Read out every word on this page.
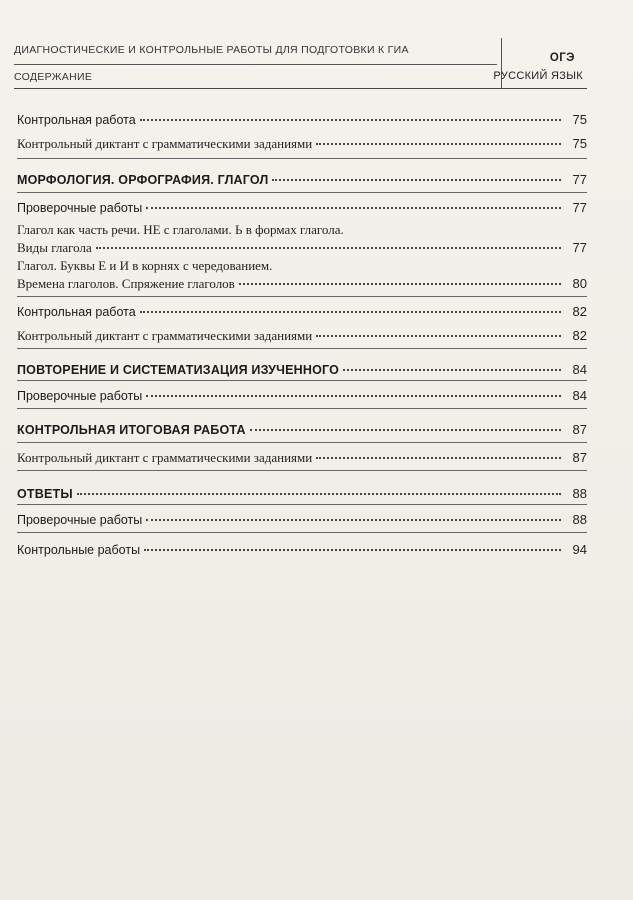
ДИАГНОСТИЧЕСКИЕ И КОНТРОЛЬНЫЕ РАБОТЫ ДЛЯ ПОДГОТОВКИ К ГИА
СОДЕРЖАНИЕ
ОГЭ
РУССКИЙ ЯЗЫК
Контрольная работа	75
Контрольный диктант с грамматическими заданиями	75
МОРФОЛОГИЯ. ОРФОГРАФИЯ. ГЛАГОЛ	77
Проверочные работы	77
Глагол как часть речи. НЕ с глаголами. Ь в формах глагола.
Виды глагола	77
Глагол. Буквы Е и И в корнях с чередованием.
Времена глаголов. Спряжение глаголов	80
Контрольная работа	82
Контрольный диктант с грамматическими заданиями	82
ПОВТОРЕНИЕ И СИСТЕМАТИЗАЦИЯ ИЗУЧЕННОГО	84
Проверочные работы	84
КОНТРОЛЬНАЯ ИТОГОВАЯ РАБОТА	87
Контрольный диктант с грамматическими заданиями	87
ОТВЕТЫ	88
Проверочные работы	88
Контрольные работы	94
